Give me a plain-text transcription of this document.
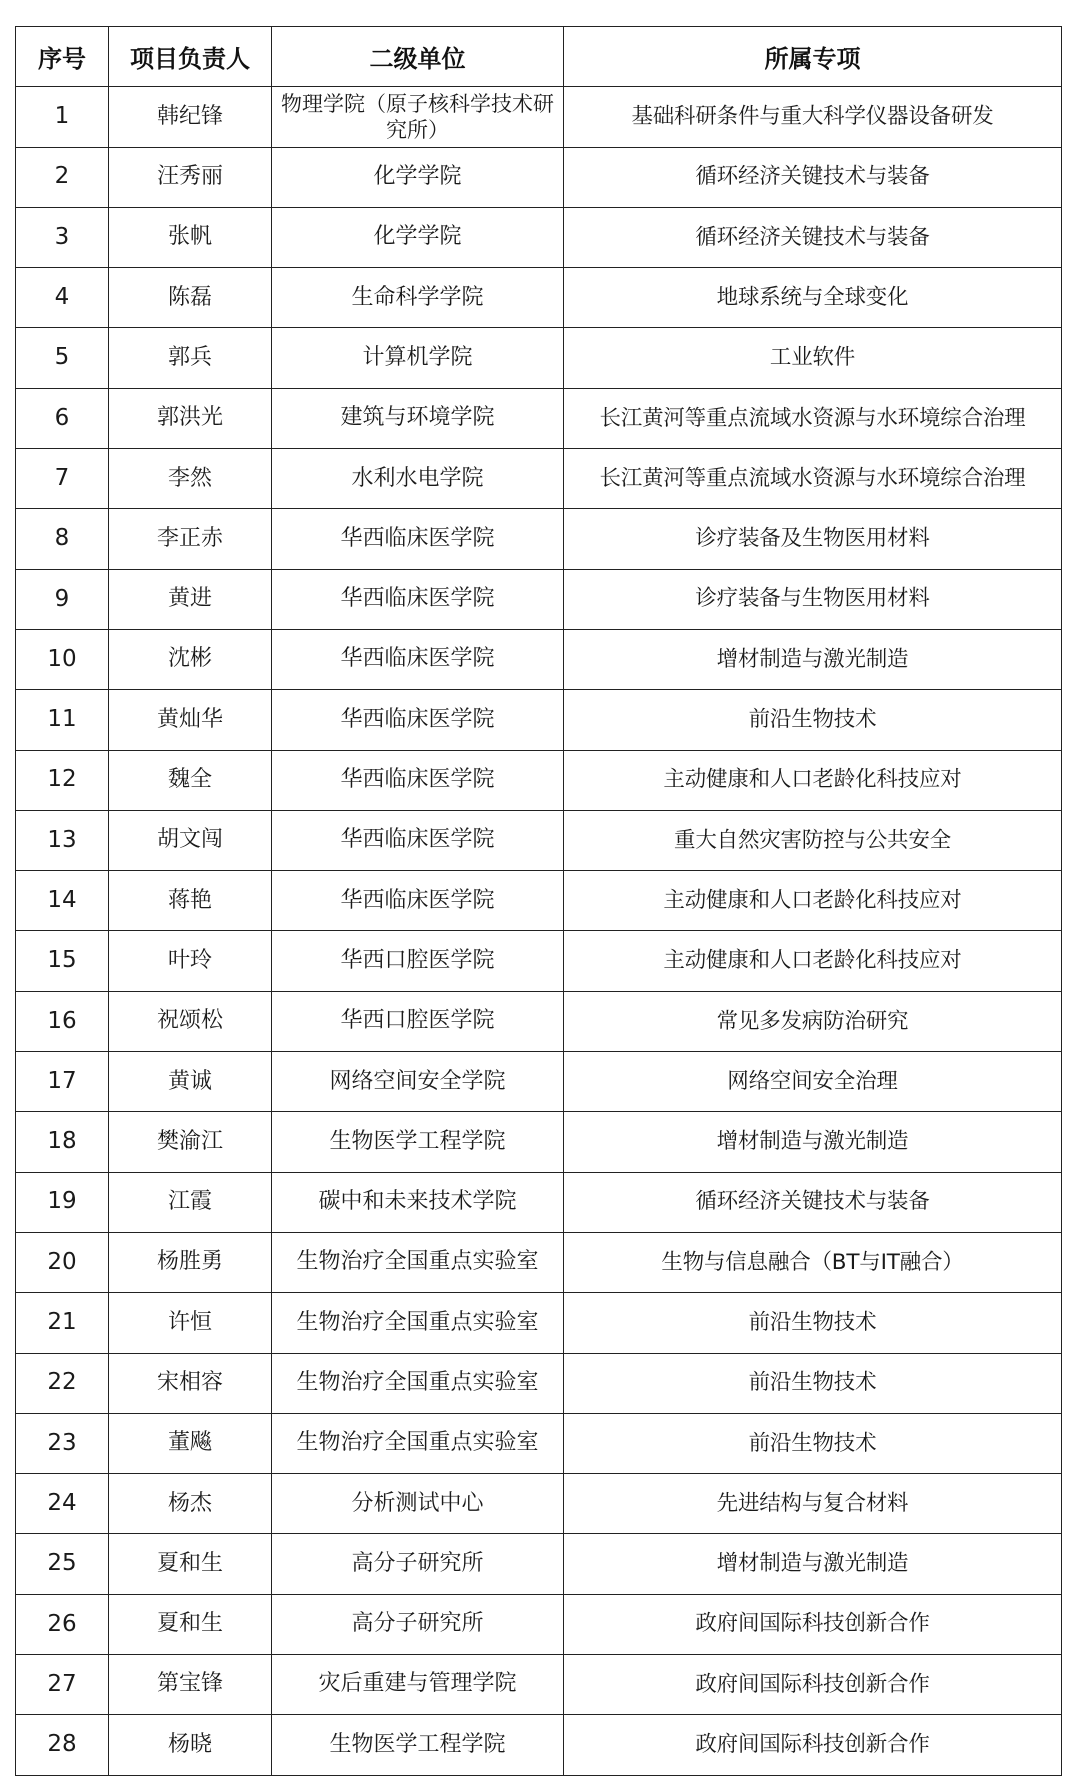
序号	项目负责人	二级单位	所属专项
1	韩纪锋	物理学院（原子核科学技术研究所）	基础科研条件与重大科学仪器设备研发
2	汪秀丽	化学学院	循环经济关键技术与装备
3	张帆	化学学院	循环经济关键技术与装备
4	陈磊	生命科学学院	地球系统与全球变化
5	郭兵	计算机学院	工业软件
6	郭洪光	建筑与环境学院	长江黄河等重点流域水资源与水环境综合治理
7	李然	水利水电学院	长江黄河等重点流域水资源与水环境综合治理
8	李正赤	华西临床医学院	诊疗装备及生物医用材料
9	黄进	华西临床医学院	诊疗装备与生物医用材料
10	沈彬	华西临床医学院	增材制造与激光制造
11	黄灿华	华西临床医学院	前沿生物技术
12	魏全	华西临床医学院	主动健康和人口老龄化科技应对
13	胡文闯	华西临床医学院	重大自然灾害防控与公共安全
14	蒋艳	华西临床医学院	主动健康和人口老龄化科技应对
15	叶玲	华西口腔医学院	主动健康和人口老龄化科技应对
16	祝颂松	华西口腔医学院	常见多发病防治研究
17	黄诚	网络空间安全学院	网络空间安全治理
18	樊渝江	生物医学工程学院	增材制造与激光制造
19	江霞	碳中和未来技术学院	循环经济关键技术与装备
20	杨胜勇	生物治疗全国重点实验室	生物与信息融合（BT与IT融合）
21	许恒	生物治疗全国重点实验室	前沿生物技术
22	宋相容	生物治疗全国重点实验室	前沿生物技术
23	董飚	生物治疗全国重点实验室	前沿生物技术
24	杨杰	分析测试中心	先进结构与复合材料
25	夏和生	高分子研究所	增材制造与激光制造
26	夏和生	高分子研究所	政府间国际科技创新合作
27	第宝锋	灾后重建与管理学院	政府间国际科技创新合作
28	杨晓	生物医学工程学院	政府间国际科技创新合作
